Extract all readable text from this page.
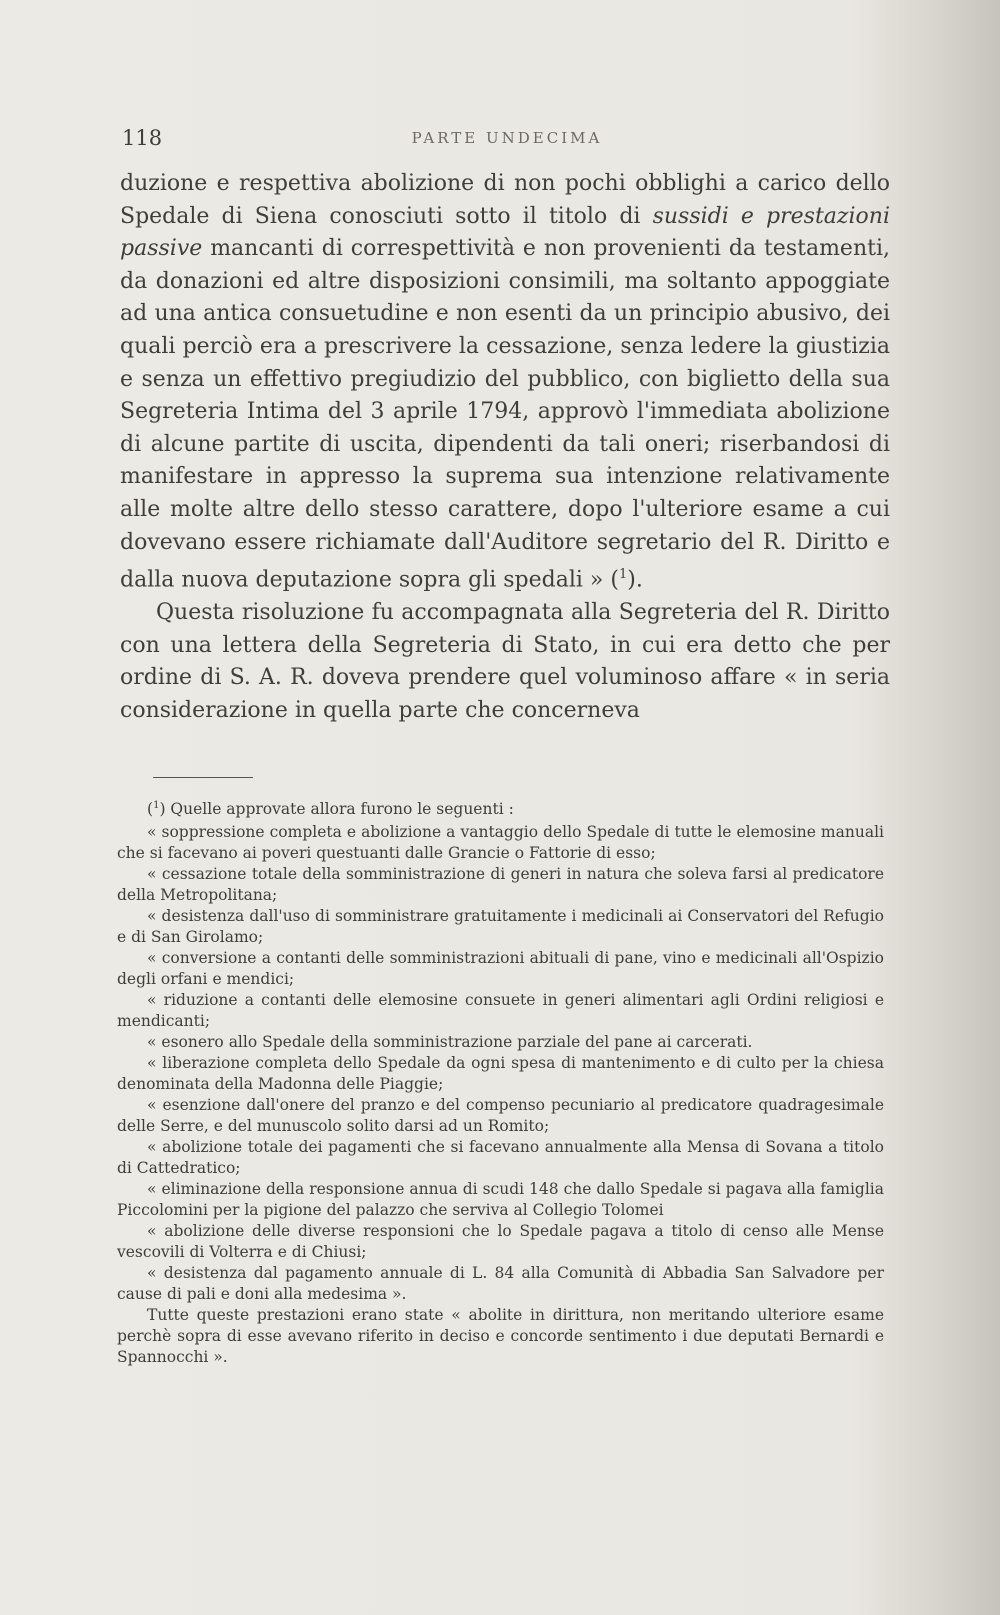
118	PARTE UNDECIMA

duzione e respettiva abolizione di non pochi obblighi a carico dello Spedale di Siena conosciuti sotto il titolo di sussidi e prestazioni passive mancanti di correspettività e non provenienti da testamenti, da donazioni ed altre disposizioni consimili, ma soltanto appoggiate ad una antica consuetudine e non esenti da un principio abusivo, dei quali perciò era a prescrivere la cessazione, senza ledere la giustizia e senza un effettivo pregiudizio del pubblico, con biglietto della sua Segreteria Intima del 3 aprile 1794, approvò l'immediata abolizione di alcune partite di uscita, dipendenti da tali oneri; riserbandosi di manifestare in appresso la suprema sua intenzione relativamente alle molte altre dello stesso carattere, dopo l'ulteriore esame a cui dovevano essere richiamate dall'Auditore segretario del R. Diritto e dalla nuova deputazione sopra gli spedali » ($^1$).

Questa risoluzione fu accompagnata alla Segreteria del R. Diritto con una lettera della Segreteria di Stato, in cui era detto che per ordine di S. A. R. doveva prendere quel voluminoso affare « in seria considerazione in quella parte che concerneva

($^1$) Quelle approvate allora furono le seguenti :

« soppressione completa e abolizione a vantaggio dello Spedale di tutte le elemosine manuali che si facevano ai poveri questuanti dalle Grancie o Fattorie di esso;

« cessazione totale della somministrazione di generi in natura che soleva farsi al predicatore della Metropolitana;

« desistenza dall'uso di somministrare gratuitamente i medicinali ai Conservatori del Refugio e di San Girolamo;

« conversione a contanti delle somministrazioni abituali di pane, vino e medicinali all'Ospizio degli orfani e mendici;

« riduzione a contanti delle elemosine consuete in generi alimentari agli Ordini religiosi e mendicanti;

« esonero allo Spedale della somministrazione parziale del pane ai carcerati.

« liberazione completa dello Spedale da ogni spesa di mantenimento e di culto per la chiesa denominata della Madonna delle Piaggie;

« esenzione dall'onere del pranzo e del compenso pecuniario al predicatore quadragesimale delle Serre, e del munuscolo solito darsi ad un Romito;

« abolizione totale dei pagamenti che si facevano annualmente alla Mensa di Sovana a titolo di Cattedratico;

« eliminazione della responsione annua di scudi 148 che dallo Spedale si pagava alla famiglia Piccolomini per la pigione del palazzo che serviva al Collegio Tolomei

« abolizione delle diverse responsioni che lo Spedale pagava a titolo di censo alle Mense vescovili di Volterra e di Chiusi;

« desistenza dal pagamento annuale di L. 84 alla Comunità di Abbadia San Salvadore per cause di pali e doni alla medesima ».

Tutte queste prestazioni erano state « abolite in dirittura, non meritando ulteriore esame perchè sopra di esse avevano riferito in deciso e concorde sentimento i due deputati Bernardi e Spannocchi ».
